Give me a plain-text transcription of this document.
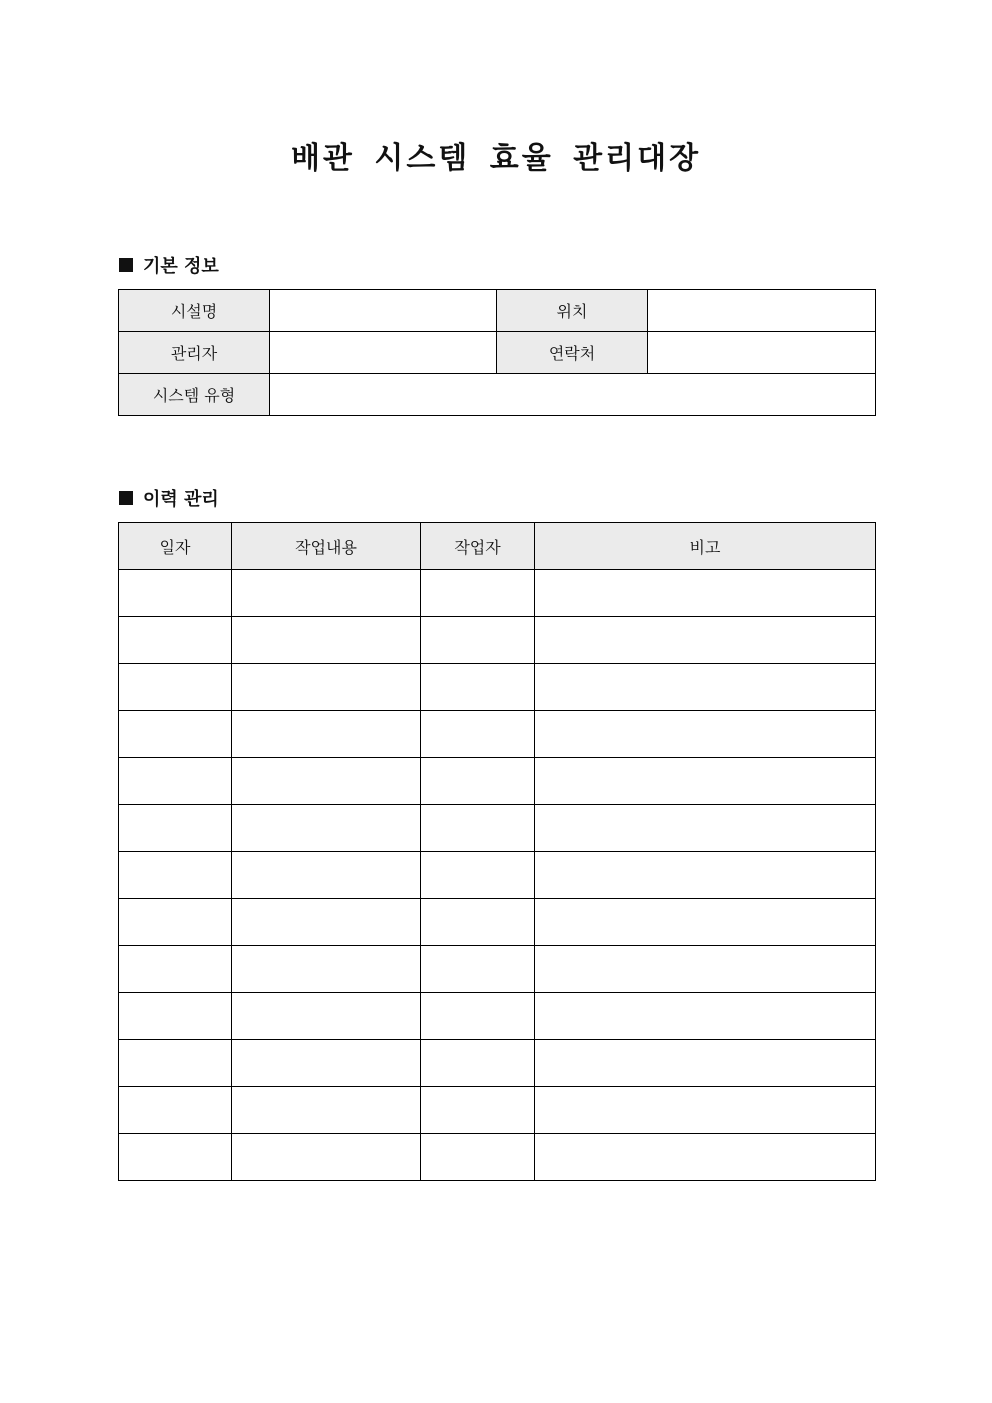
배관 시스템 효율 관리대장
기본 정보
시설명		위치	
관리자		연락처	
시스템 유형			
이력 관리
일자	작업내용	작업자	비고
